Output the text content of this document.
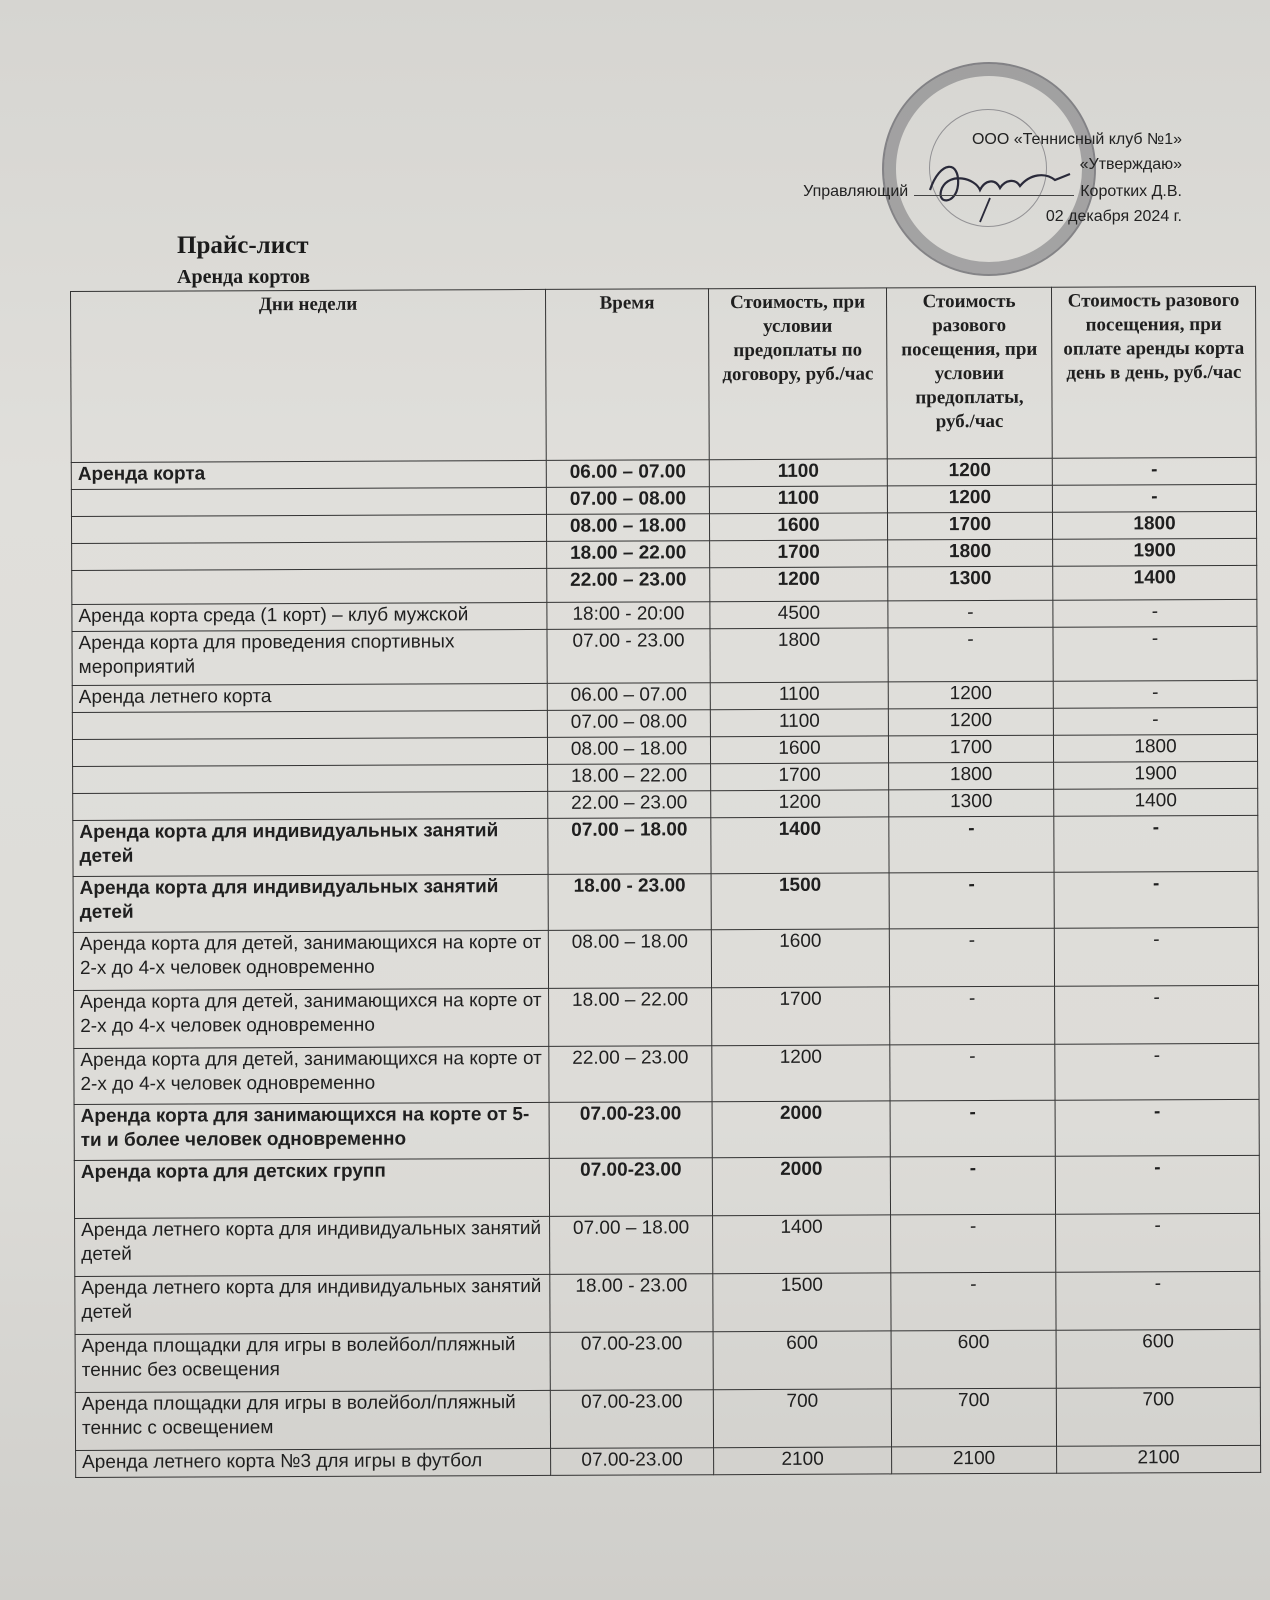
ООО «Теннисный клуб №1»
«Утверждаю»
Управляющий	Коротких Д.В.
02 декабря 2024 г.
Прайс-лист
Аренда кортов
Дни недели	Время	Стоимость, при условии предоплаты по договору, руб./час	Стоимость разового посещения, при условии предоплаты, руб./час	Стоимость разового посещения, при оплате аренды корта день в день, руб./час
Аренда корта	06.00 – 07.00	1100	1200	-
	07.00 – 08.00	1100	1200	-
	08.00 – 18.00	1600	1700	1800
	18.00 – 22.00	1700	1800	1900
	22.00 – 23.00	1200	1300	1400
Аренда корта среда (1 корт) – клуб мужской	18:00 - 20:00	4500	-	-
Аренда корта для проведения спортивных мероприятий	07.00 - 23.00	1800	-	-
Аренда летнего корта	06.00 – 07.00	1100	1200	-
	07.00 – 08.00	1100	1200	-
	08.00 – 18.00	1600	1700	1800
	18.00 – 22.00	1700	1800	1900
	22.00 – 23.00	1200	1300	1400
Аренда корта для индивидуальных занятий детей	07.00 – 18.00	1400	-	-
Аренда корта для индивидуальных занятий детей	18.00 - 23.00	1500	-	-
Аренда корта для детей, занимающихся на корте от 2-х до 4-х человек одновременно	08.00 – 18.00	1600	-	-
Аренда корта для детей, занимающихся на корте от 2-х до 4-х человек одновременно	18.00 – 22.00	1700	-	-
Аренда корта для детей, занимающихся на корте от 2-х до 4-х человек одновременно	22.00 – 23.00	1200	-	-
Аренда корта для занимающихся на корте от 5-ти и более человек одновременно	07.00-23.00	2000	-	-
Аренда корта для детских групп	07.00-23.00	2000	-	-
Аренда летнего корта для индивидуальных занятий детей	07.00 – 18.00	1400	-	-
Аренда летнего корта для индивидуальных занятий детей	18.00 - 23.00	1500	-	-
Аренда площадки для игры в волейбол/пляжный теннис без освещения	07.00-23.00	600	600	600
Аренда площадки для игры в волейбол/пляжный теннис с освещением	07.00-23.00	700	700	700
Аренда летнего корта №3 для игры в футбол	07.00-23.00	2100	2100	2100
